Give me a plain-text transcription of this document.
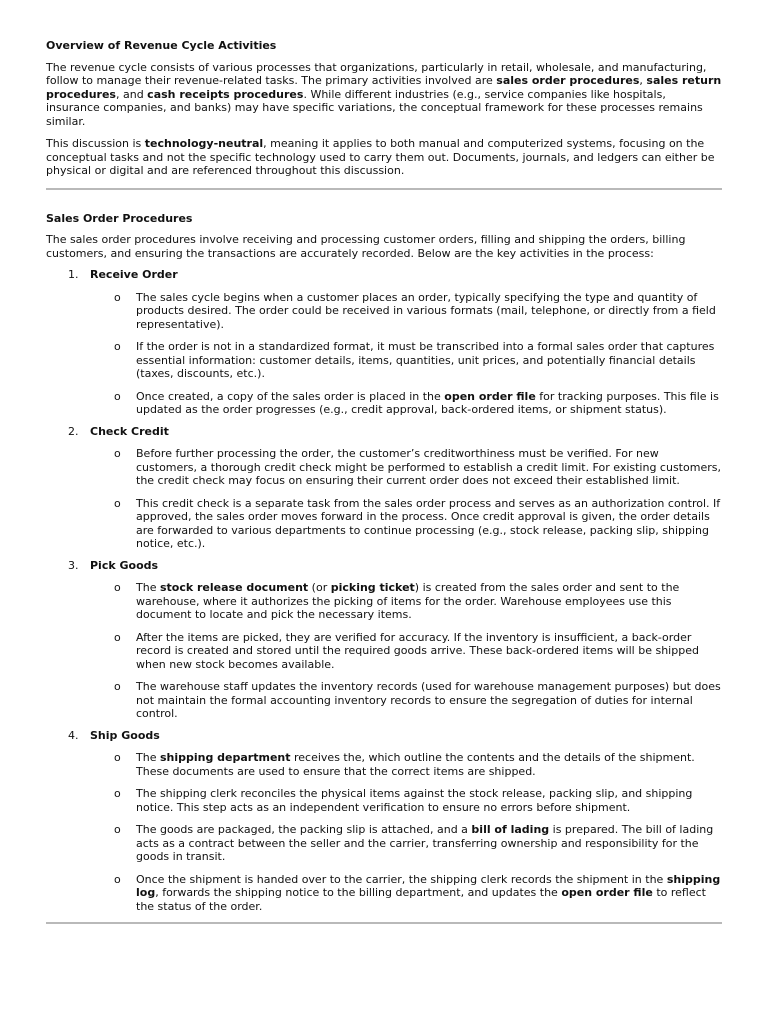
Overview of Revenue Cycle Activities

The revenue cycle consists of various processes that organizations, particularly in retail, wholesale, and manufacturing, follow to manage their revenue-related tasks. The primary activities involved are sales order procedures, sales return procedures, and cash receipts procedures. While different industries (e.g., service companies like hospitals, insurance companies, and banks) may have specific variations, the conceptual framework for these processes remains similar.

This discussion is technology-neutral, meaning it applies to both manual and computerized systems, focusing on the conceptual tasks and not the specific technology used to carry them out. Documents, journals, and ledgers can either be physical or digital and are referenced throughout this discussion.

Sales Order Procedures

The sales order procedures involve receiving and processing customer orders, filling and shipping the orders, billing customers, and ensuring the transactions are accurately recorded. Below are the key activities in the process:

1. Receive Order
o The sales cycle begins when a customer places an order, typically specifying the type and quantity of products desired. The order could be received in various formats (mail, telephone, or directly from a field representative).
o If the order is not in a standardized format, it must be transcribed into a formal sales order that captures essential information: customer details, items, quantities, unit prices, and potentially financial details (taxes, discounts, etc.).
o Once created, a copy of the sales order is placed in the open order file for tracking purposes. This file is updated as the order progresses (e.g., credit approval, back-ordered items, or shipment status).
2. Check Credit
o Before further processing the order, the customer’s creditworthiness must be verified. For new customers, a thorough credit check might be performed to establish a credit limit. For existing customers, the credit check may focus on ensuring their current order does not exceed their established limit.
o This credit check is a separate task from the sales order process and serves as an authorization control. If approved, the sales order moves forward in the process. Once credit approval is given, the order details are forwarded to various departments to continue processing (e.g., stock release, packing slip, shipping notice, etc.).
3. Pick Goods
o The stock release document (or picking ticket) is created from the sales order and sent to the warehouse, where it authorizes the picking of items for the order. Warehouse employees use this document to locate and pick the necessary items.
o After the items are picked, they are verified for accuracy. If the inventory is insufficient, a back-order record is created and stored until the required goods arrive. These back-ordered items will be shipped when new stock becomes available.
o The warehouse staff updates the inventory records (used for warehouse management purposes) but does not maintain the formal accounting inventory records to ensure the segregation of duties for internal control.
4. Ship Goods
o The shipping department receives the, which outline the contents and the details of the shipment. These documents are used to ensure that the correct items are shipped.
o The shipping clerk reconciles the physical items against the stock release, packing slip, and shipping notice. This step acts as an independent verification to ensure no errors before shipment.
o The goods are packaged, the packing slip is attached, and a bill of lading is prepared. The bill of lading acts as a contract between the seller and the carrier, transferring ownership and responsibility for the goods in transit.
o Once the shipment is handed over to the carrier, the shipping clerk records the shipment in the shipping log, forwards the shipping notice to the billing department, and updates the open order file to reflect the status of the order.
